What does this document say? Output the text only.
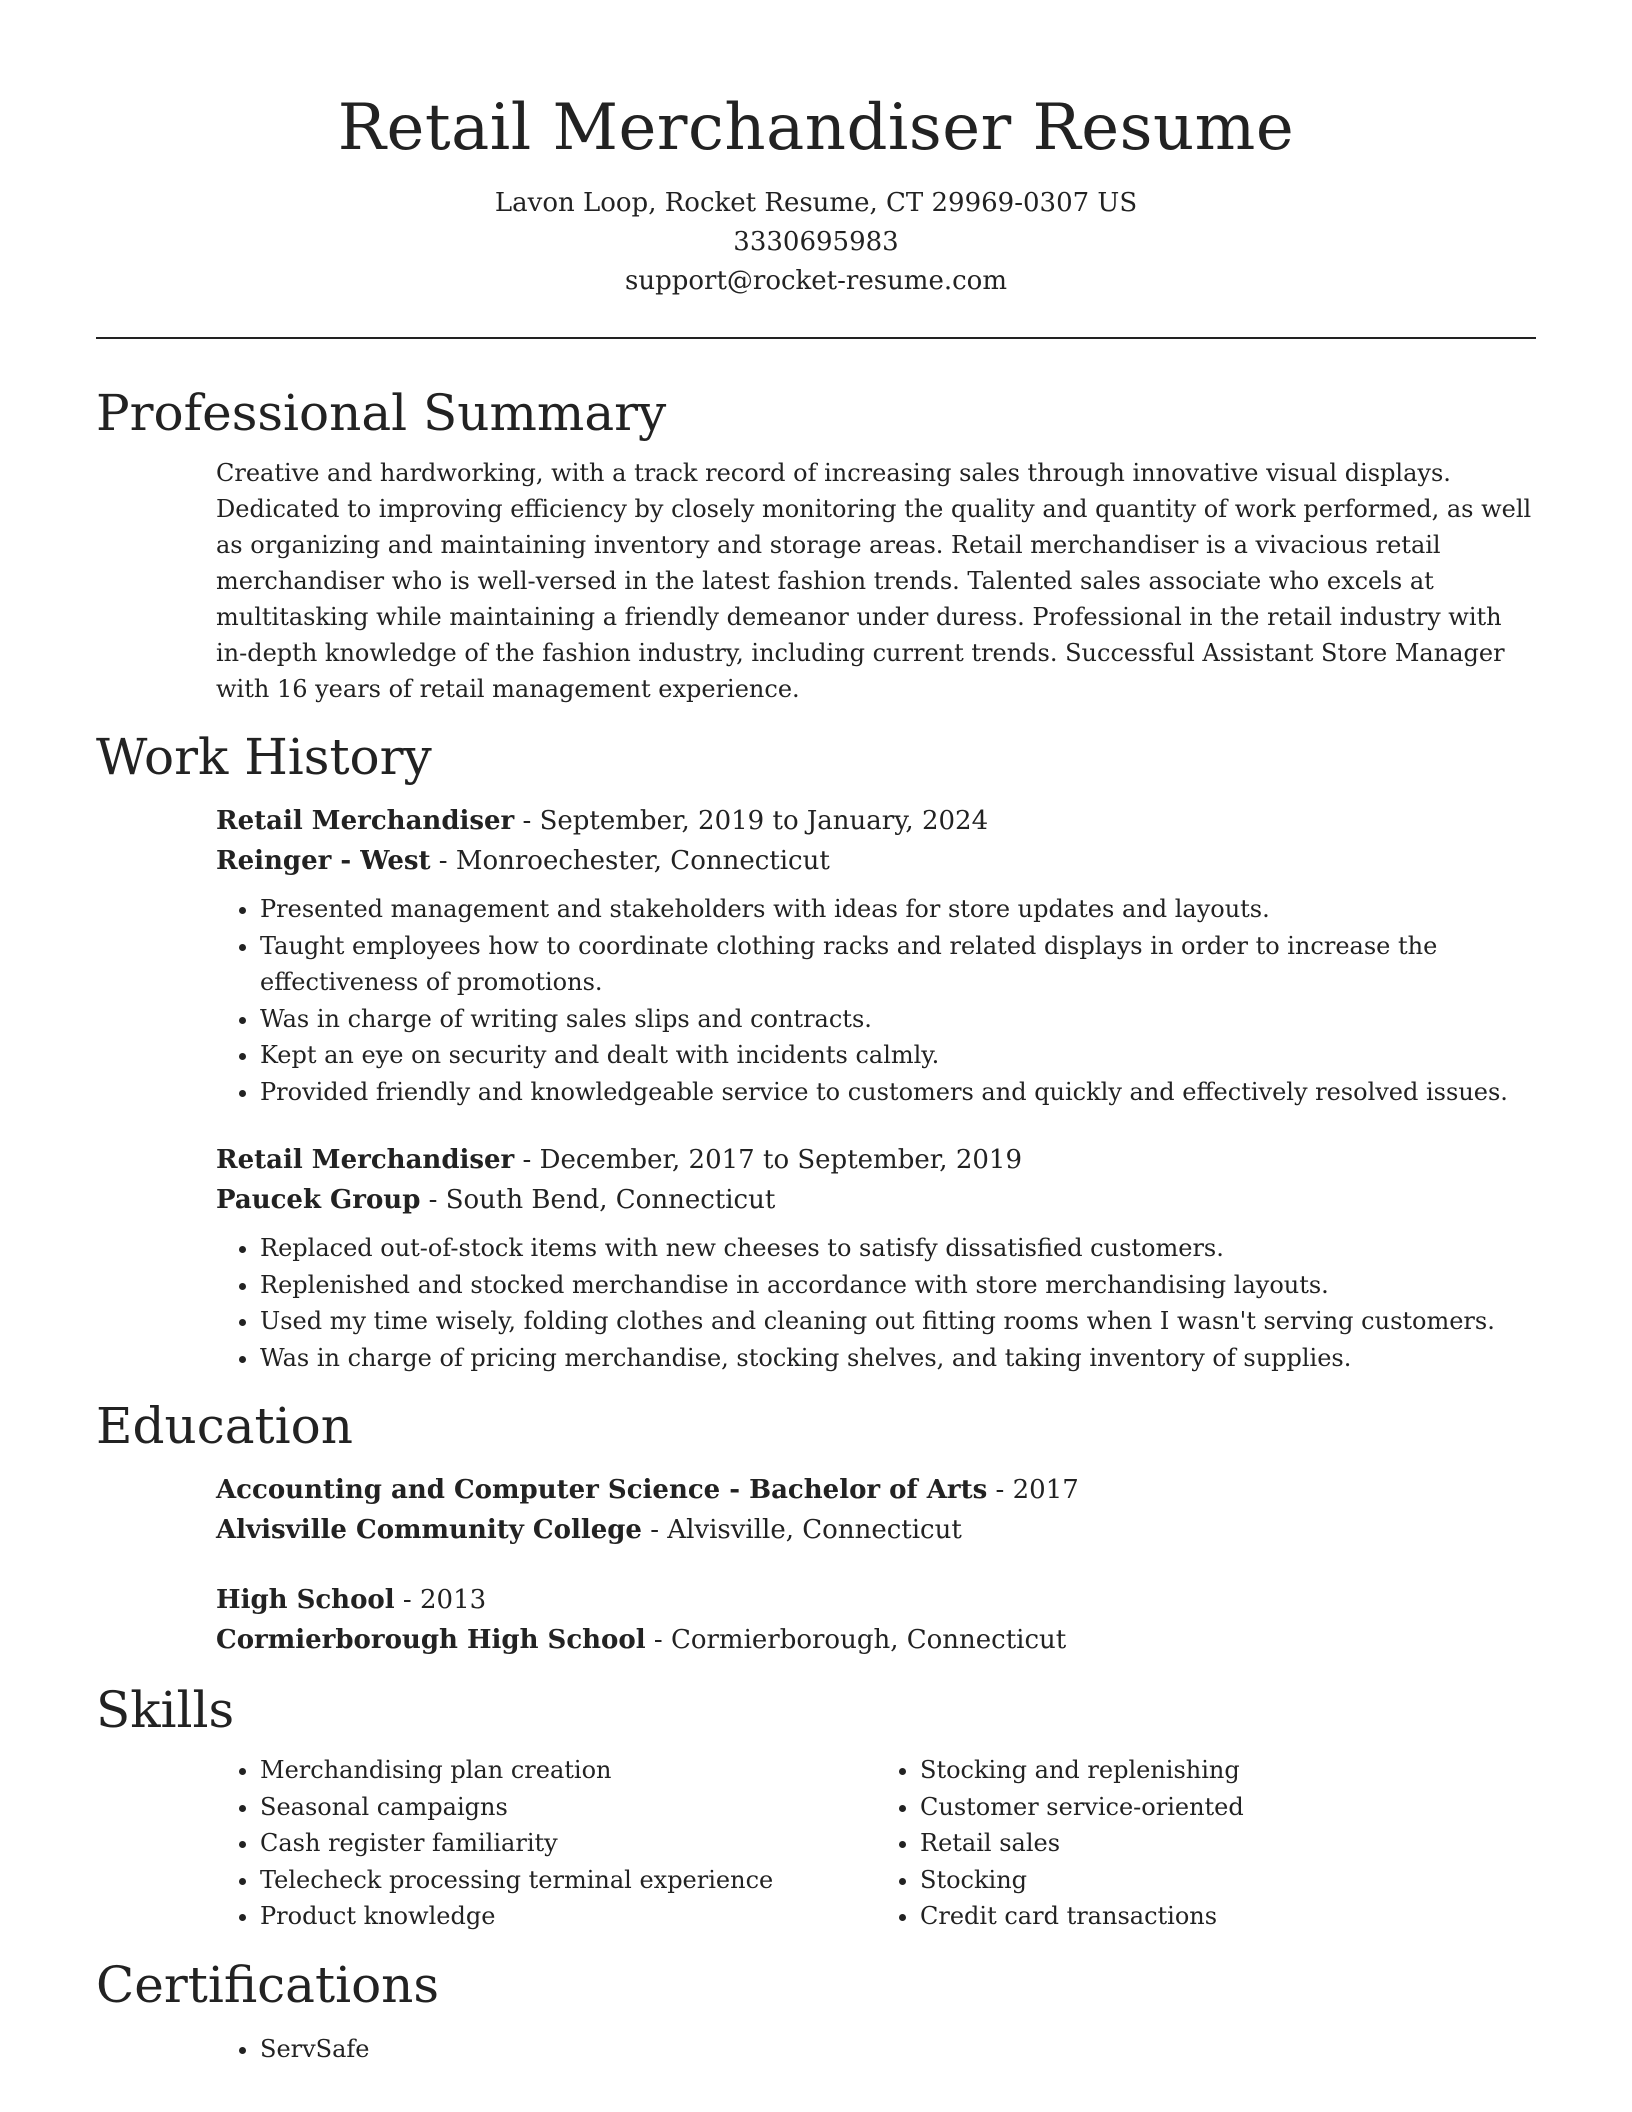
Retail Merchandiser Resume

Lavon Loop, Rocket Resume, CT 29969-0307 US

3330695983

support@rocket-resume.com

Professional Summary

Creative and hardworking, with a track record of increasing sales through innovative visual displays. Dedicated to improving efficiency by closely monitoring the quality and quantity of work performed, as well as organizing and maintaining inventory and storage areas. Retail merchandiser is a vivacious retail merchandiser who is well-versed in the latest fashion trends. Talented sales associate who excels at multitasking while maintaining a friendly demeanor under duress. Professional in the retail industry with in-depth knowledge of the fashion industry, including current trends. Successful Assistant Store Manager with 16 years of retail management experience.

Work History

Retail Merchandiser - September, 2019 to January, 2024

Reinger - West - Monroechester, Connecticut

• Presented management and stakeholders with ideas for store updates and layouts.
• Taught employees how to coordinate clothing racks and related displays in order to increase the effectiveness of promotions.
• Was in charge of writing sales slips and contracts.
• Kept an eye on security and dealt with incidents calmly.
• Provided friendly and knowledgeable service to customers and quickly and effectively resolved issues.

Retail Merchandiser - December, 2017 to September, 2019

Paucek Group - South Bend, Connecticut

• Replaced out-of-stock items with new cheeses to satisfy dissatisfied customers.
• Replenished and stocked merchandise in accordance with store merchandising layouts.
• Used my time wisely, folding clothes and cleaning out fitting rooms when I wasn't serving customers.
• Was in charge of pricing merchandise, stocking shelves, and taking inventory of supplies.
Education

Accounting and Computer Science - Bachelor of Arts - 2017

Alvisville Community College - Alvisville, Connecticut

High School - 2013

Cormierborough High School - Cormierborough, Connecticut

Skills
• Merchandising plan creation
• Seasonal campaigns
• Cash register familiarity
• Telecheck processing terminal experience
• Product knowledge
• Stocking and replenishing
• Customer service-oriented
• Retail sales
• Stocking
• Credit card transactions
Certifications
• ServSafe
